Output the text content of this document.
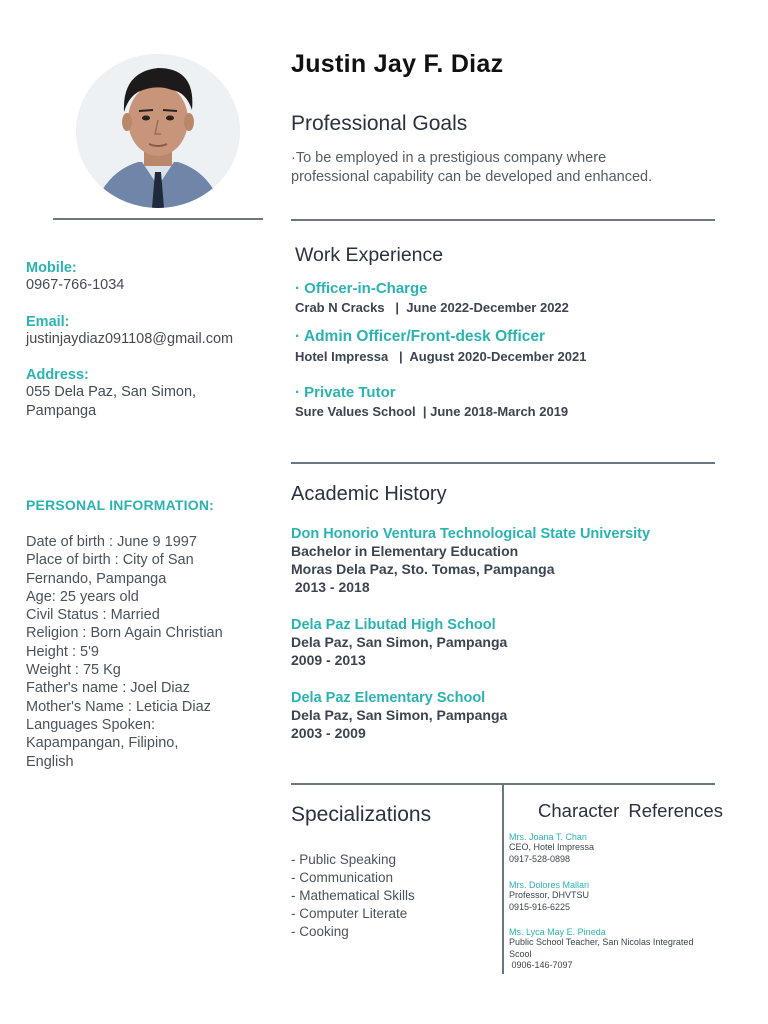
Justin Jay F. Diaz
Professional Goals
·To be employed in a prestigious company where professional capability can be developed and enhanced.
Mobile:
0967-766-1034
Email:
justinjaydiaz091108@gmail.com
Address:
055 Dela Paz, San Simon,
Pampanga
PERSONAL INFORMATION:
Date of birth : June 9 1997
Place of birth : City of San
Fernando, Pampanga
Age: 25 years old
Civil Status : Married
Religion : Born Again Christian
Height : 5'9
Weight : 75 Kg
Father's name : Joel Diaz
Mother's Name : Leticia Diaz
Languages Spoken:
Kapampangan, Filipino,
English
Work Experience
· Officer-in-Charge
Crab N Cracks   |  June 2022-December 2022
· Admin Officer/Front-desk Officer
Hotel Impressa   |  August 2020-December 2021
· Private Tutor
Sure Values School  | June 2018-March 2019
Academic History
Don Honorio Ventura Technological State University
Bachelor in Elementary Education
Moras Dela Paz, Sto. Tomas, Pampanga
2013 - 2018
Dela Paz Libutad High School
Dela Paz, San Simon, Pampanga
2009 - 2013
Dela Paz Elementary School
Dela Paz, San Simon, Pampanga
2003 - 2009
Specializations
- Public Speaking
- Communication
- Mathematical Skills
- Computer Literate
- Cooking
Character References
Mrs. Joana T. Chan
CEO, Hotel Impressa
0917-528-0898
Mrs. Dolores Mallari
Professor, DHVTSU
0915-916-6225
Ms. Lyca May E. Pineda
Public School Teacher, San Nicolas Integrated
Scool
0906-146-7097
